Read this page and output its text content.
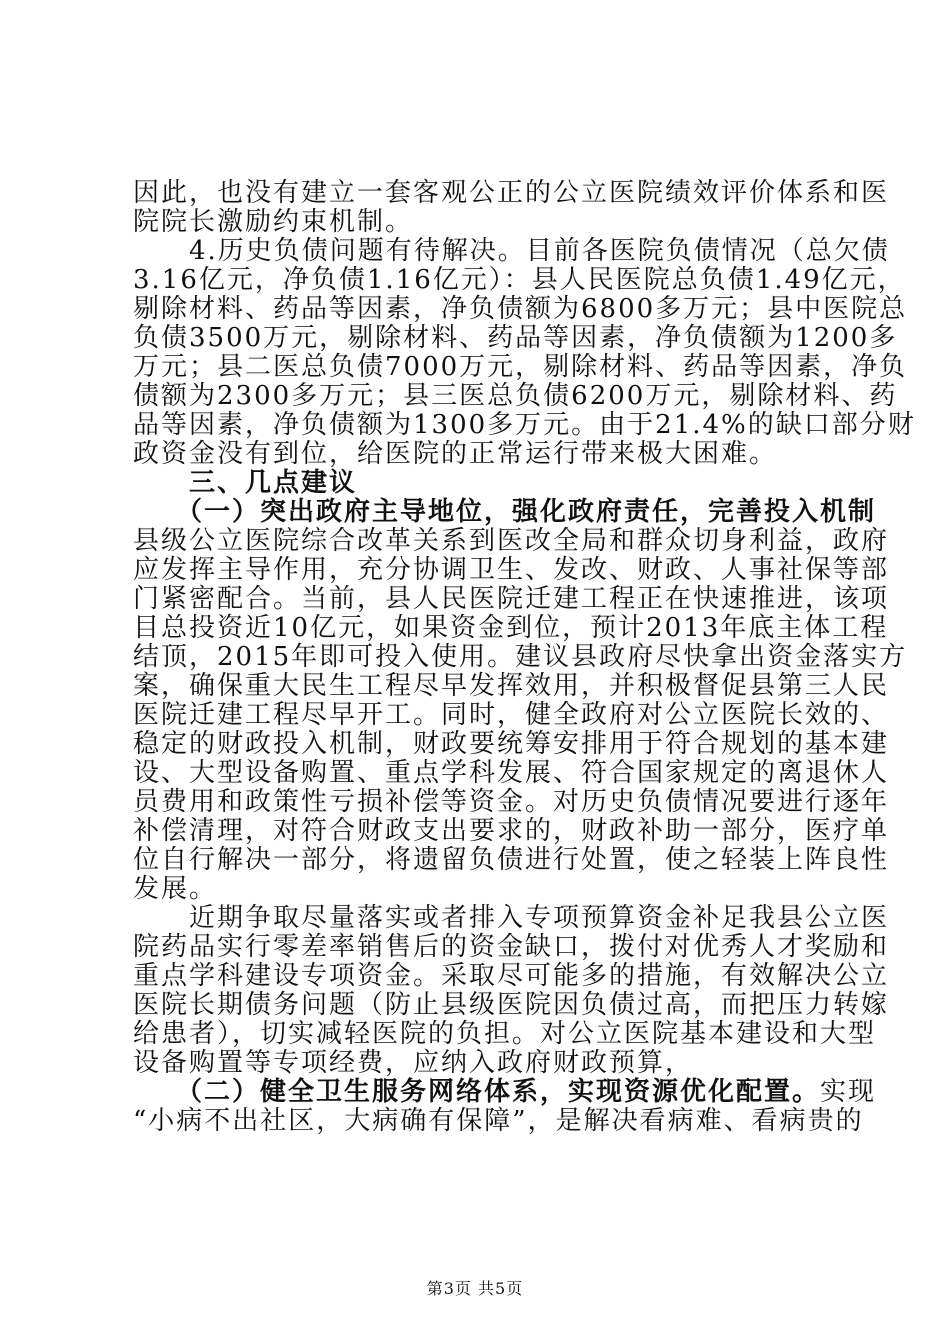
因此，也没有建立一套客观公正的公立医院绩效评价体系和医
院院长激励约束机制。
　　4.历史负债问题有待解决。目前各医院负债情况（总欠债
3.16亿元，净负债1.16亿元）：县人民医院总负债1.49亿元，
剔除材料、药品等因素，净负债额为6800多万元；县中医院总
负债3500万元，剔除材料、药品等因素，净负债额为1200多
万元；县二医总负债7000万元，剔除材料、药品等因素，净负
债额为2300多万元；县三医总负债6200万元，剔除材料、药
品等因素，净负债额为1300多万元。由于21.4%的缺口部分财
政资金没有到位，给医院的正常运行带来极大困难。
　　三、几点建议
　　（一）突出政府主导地位，强化政府责任，完善投入机制
县级公立医院综合改革关系到医改全局和群众切身利益，政府
应发挥主导作用，充分协调卫生、发改、财政、人事社保等部
门紧密配合。当前，县人民医院迁建工程正在快速推进，该项
目总投资近10亿元，如果资金到位，预计2013年底主体工程
结顶，2015年即可投入使用。建议县政府尽快拿出资金落实方
案，确保重大民生工程尽早发挥效用，并积极督促县第三人民
医院迁建工程尽早开工。同时，健全政府对公立医院长效的、
稳定的财政投入机制，财政要统筹安排用于符合规划的基本建
设、大型设备购置、重点学科发展、符合国家规定的离退休人
员费用和政策性亏损补偿等资金。对历史负债情况要进行逐年
补偿清理，对符合财政支出要求的，财政补助一部分，医疗单
位自行解决一部分，将遗留负债进行处置，使之轻装上阵良性
发展。
　　近期争取尽量落实或者排入专项预算资金补足我县公立医
院药品实行零差率销售后的资金缺口，拨付对优秀人才奖励和
重点学科建设专项资金。采取尽可能多的措施，有效解决公立
医院长期债务问题（防止县级医院因负债过高，而把压力转嫁
给患者），切实减轻医院的负担。对公立医院基本建设和大型
设备购置等专项经费，应纳入政府财政预算，
　　（二）健全卫生服务网络体系，实现资源优化配置。实现
“小病不出社区，大病确有保障”，是解决看病难、看病贵的
第3页 共5页
